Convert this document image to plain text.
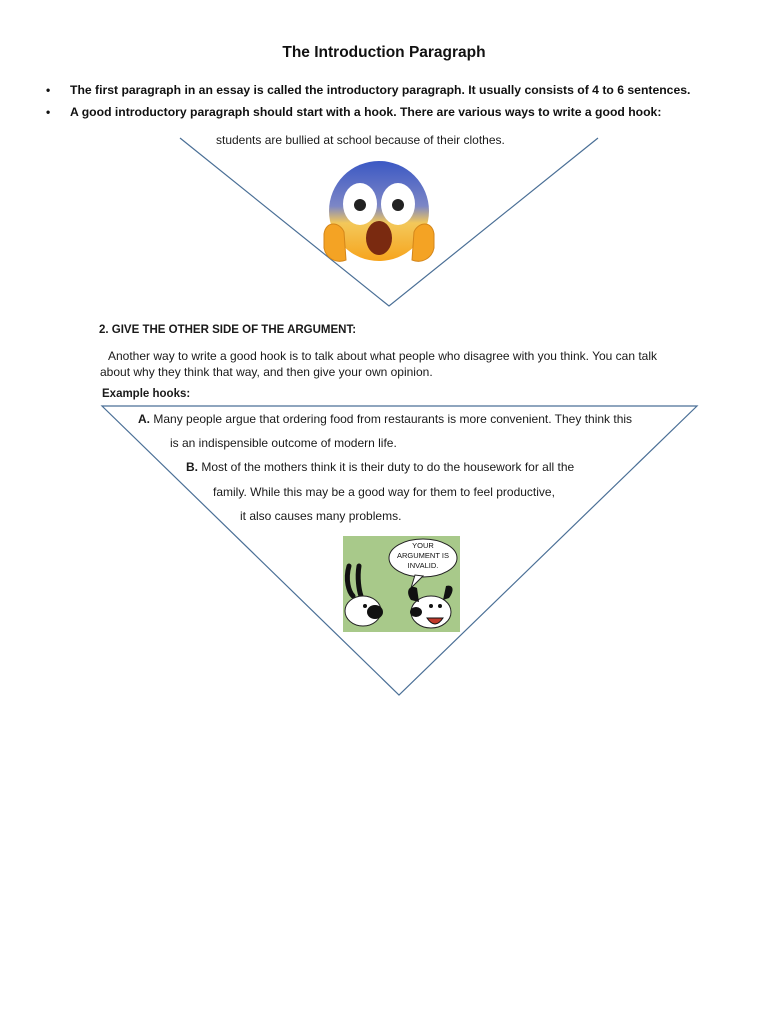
The Introduction Paragraph
• The first paragraph in an essay is called the introductory paragraph. It usually consists of 4 to 6 sentences.
• A good introductory paragraph should start with a hook. There are various ways to write a good hook:
students are bullied at school because of their clothes.
2. GIVE THE OTHER SIDE OF THE ARGUMENT:
Another way to write a good hook is to talk about what people who disagree with you think. You can talk about why they think that way, and then give your own opinion.
Example hooks:
A. Many people argue that ordering food from restaurants is more convenient. They think this
is an indispensible outcome of modern life.
B. Most of the mothers think it is their duty to do the housework for all the
family. While this may be a good way for them to feel productive,
it also causes many problems.
YOUR
ARGUMENT IS
INVALID.
